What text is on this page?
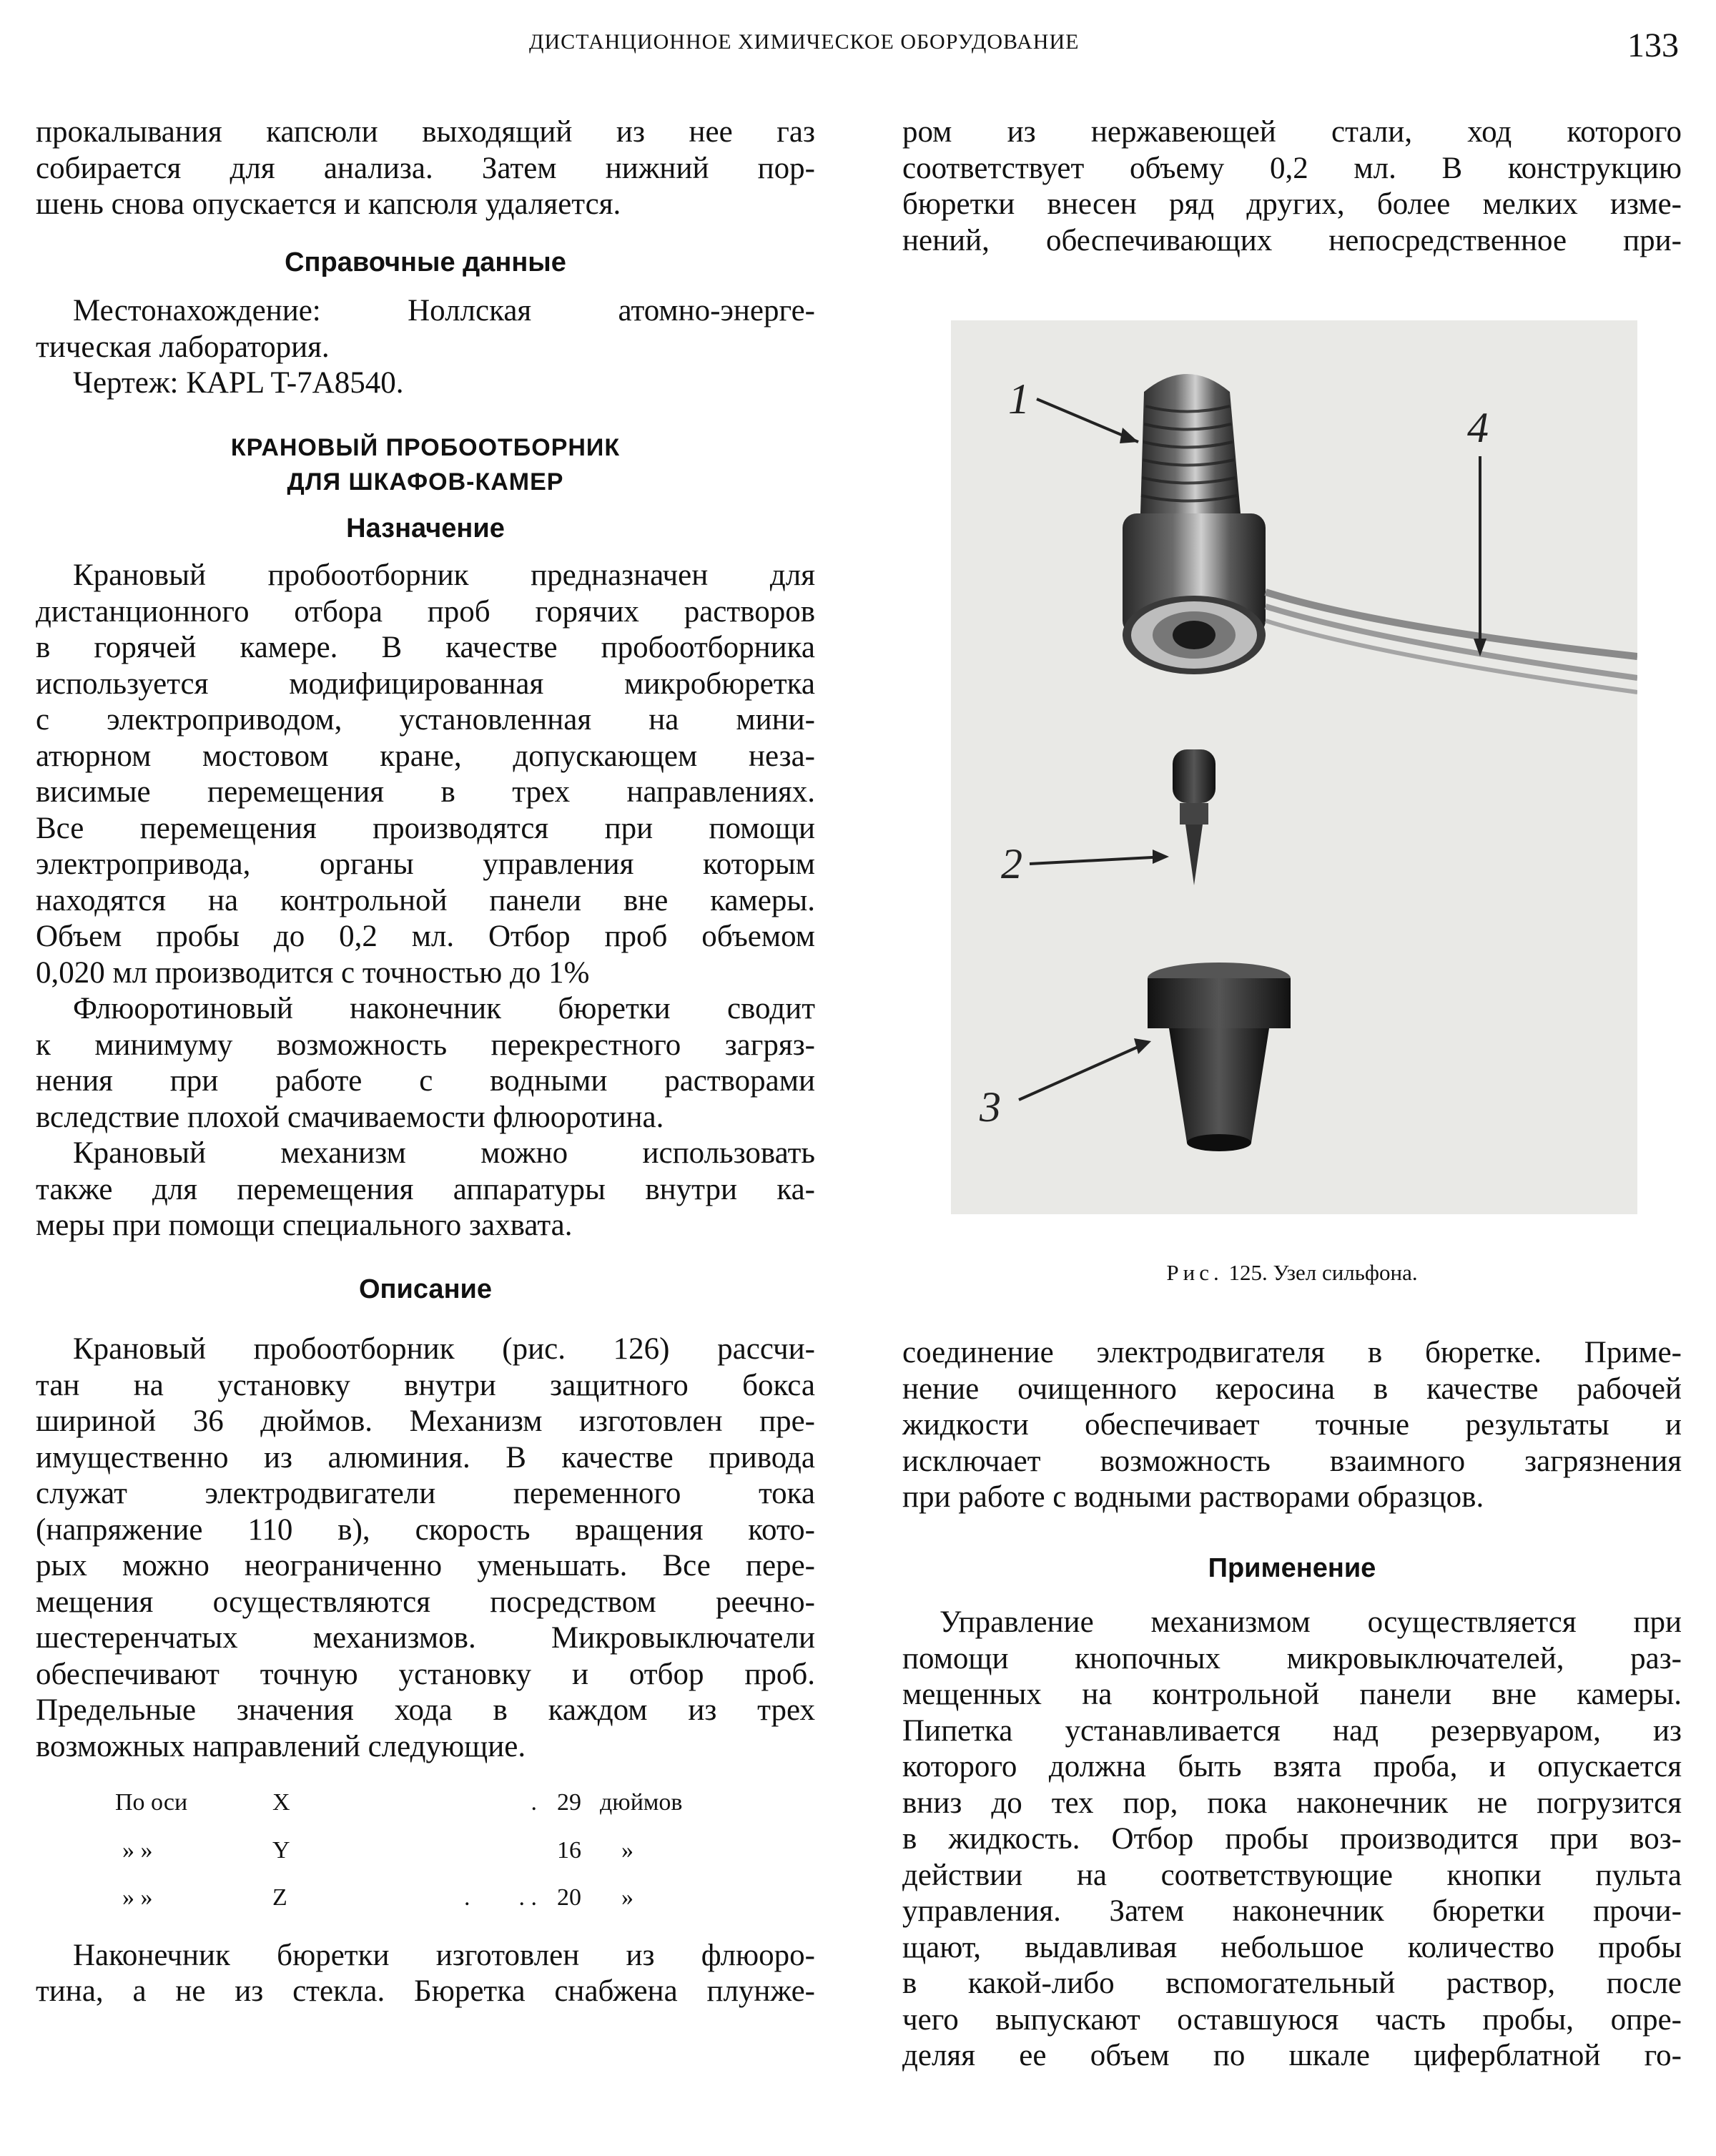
ДИСТАНЦИОННОЕ ХИМИЧЕСКОЕ ОБОРУДОВАНИЕ	133

прокалывания капсюли выходящий из нее газ
собирается для анализа. Затем нижний пор-
шень снова опускается и капсюля удаляется.

Справочные данные

Местонахождение: Ноллская атомно-энерге-
тическая лаборатория.
Чертеж: КAPL T-7A8540.

КРАНОВЫЙ ПРОБООТБОРНИК
ДЛЯ ШКАФОВ-КАМЕР

Назначение

Крановый пробоотборник предназначен для
дистанционного отбора проб горячих растворов
в горячей камере. В качестве пробоотборника
используется модифицированная микробюретка
с электроприводом, установленная на мини-
атюрном мостовом кране, допускающем неза-
висимые перемещения в трех направлениях.
Все перемещения производятся при помощи
электропривода, органы управления которым
находятся на контрольной панели вне камеры.
Объем пробы до 0,2 мл. Отбор проб объемом
0,020 мл производится с точностью до 1%

Флюоротиновый наконечник бюретки сводит
к минимуму возможность перекрестного загряз-
нения при работе с водными растворами
вследствие плохой смачиваемости флюоротина.

Крановый механизм можно использовать
также для перемещения аппаратуры внутри ка-
меры при помощи специального захвата.

Описание

Крановый пробоотборник (рис. 126) рассчи-
тан на установку внутри защитного бокса
шириной 36 дюймов. Механизм изготовлен пре-
имущественно из алюминия. В качестве привода
служат электродвигатели переменного тока
(напряжение 110 в), скорость вращения кото-
рых можно неограниченно уменьшать. Все пере-
мещения осуществляются посредством реечно-
шестеренчатых механизмов. Микровыключатели
обеспечивают точную установку и отбор проб.
Предельные значения хода в каждом из трех
возможных направлений следующие.

По оси	X	.	29	дюймов
» »	Y		16	»
» »	Z	.        . .	20	»

Наконечник бюретки изготовлен из флюоро-
тина, а не из стекла. Бюретка снабжена плунже-

ром из нержавеющей стали, ход которого
соответствует объему 0,2 мл. В конструкцию
бюретки внесен ряд других, более мелких изме-
нений, обеспечивающих непосредственное при-

1
2
3
4
Рис. 125. Узел сильфона.

соединение электродвигателя в бюретке. Приме-
нение очищенного керосина в качестве рабочей
жидкости обеспечивает точные результаты и
исключает возможность взаимного загрязнения
при работе с водными растворами образцов.

Применение

Управление механизмом осуществляется при
помощи кнопочных микровыключателей, раз-
мещенных на контрольной панели вне камеры.
Пипетка устанавливается над резервуаром, из
которого должна быть взята проба, и опускается
вниз до тех пор, пока наконечник не погрузится
в жидкость. Отбор пробы производится при воз-
действии на соответствующие кнопки пульта
управления. Затем наконечник бюретки прочи-
щают, выдавливая небольшое количество пробы
в какой-либо вспомогательный раствор, после
чего выпускают оставшуюся часть пробы, опре-
деляя ее объем по шкале циферблатной го-
